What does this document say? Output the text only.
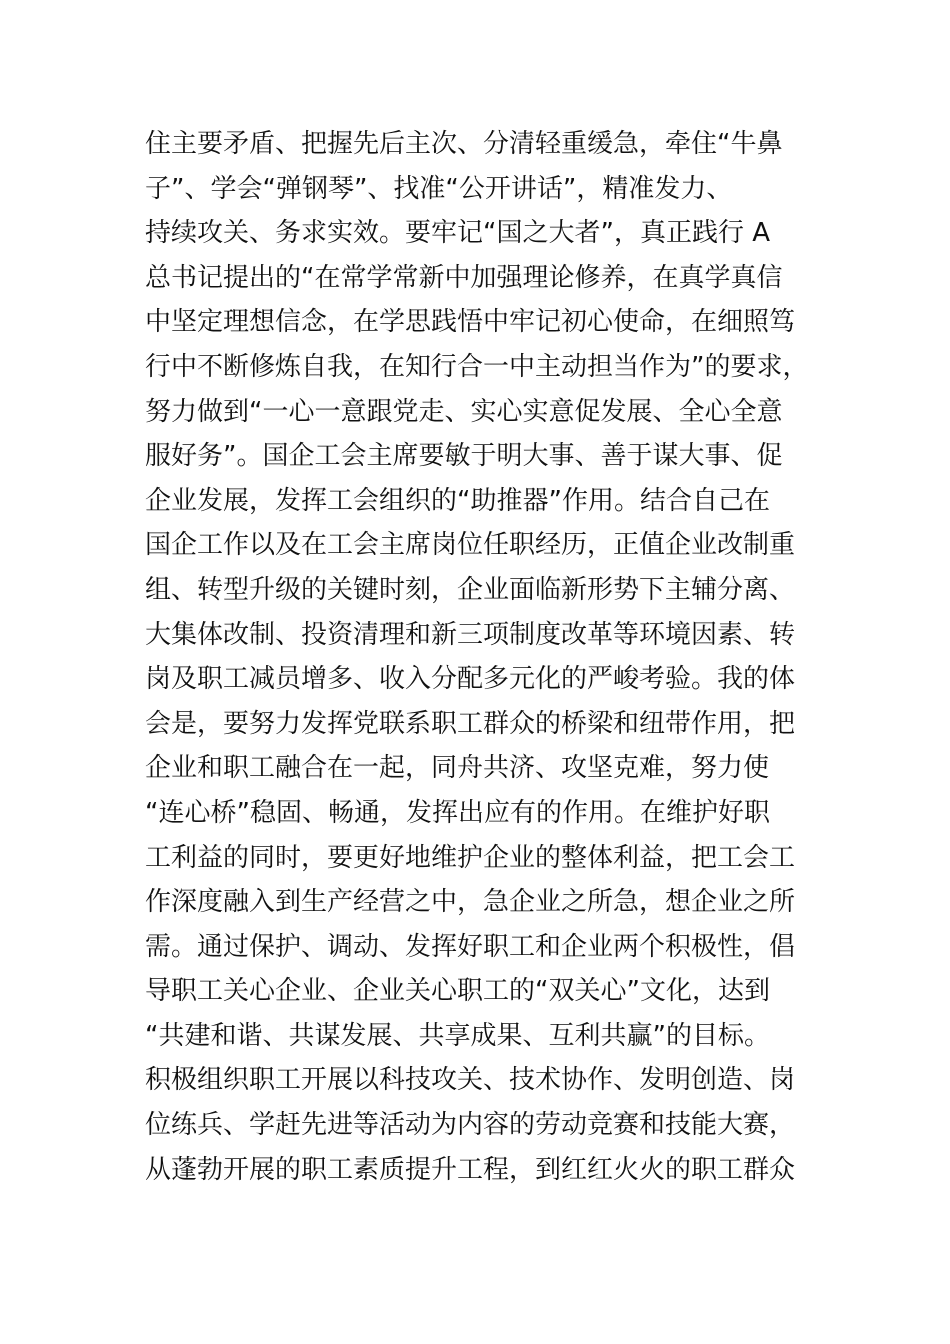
住主要矛盾、把握先后主次、分清轻重缓急，牵住“牛鼻
子”、学会“弹钢琴”、找准“公开讲话”，精准发力、
持续攻关、务求实效。要牢记“国之大者”，真正践行 A
总书记提出的“在常学常新中加强理论修养，在真学真信
中坚定理想信念，在学思践悟中牢记初心使命，在细照笃
行中不断修炼自我，在知行合一中主动担当作为”的要求，
努力做到“一心一意跟党走、实心实意促发展、全心全意
服好务”。国企工会主席要敏于明大事、善于谋大事、促
企业发展，发挥工会组织的“助推器”作用。结合自己在
国企工作以及在工会主席岗位任职经历，正值企业改制重
组、转型升级的关键时刻，企业面临新形势下主辅分离、
大集体改制、投资清理和新三项制度改革等环境因素、转
岗及职工减员增多、收入分配多元化的严峻考验。我的体
会是，要努力发挥党联系职工群众的桥梁和纽带作用，把
企业和职工融合在一起，同舟共济、攻坚克难，努力使
“连心桥”稳固、畅通，发挥出应有的作用。在维护好职
工利益的同时，要更好地维护企业的整体利益，把工会工
作深度融入到生产经营之中，急企业之所急，想企业之所
需。通过保护、调动、发挥好职工和企业两个积极性，倡
导职工关心企业、企业关心职工的“双关心”文化，达到
“共建和谐、共谋发展、共享成果、互利共赢”的目标。
积极组织职工开展以科技攻关、技术协作、发明创造、岗
位练兵、学赶先进等活动为内容的劳动竞赛和技能大赛，
从蓬勃开展的职工素质提升工程，到红红火火的职工群众
